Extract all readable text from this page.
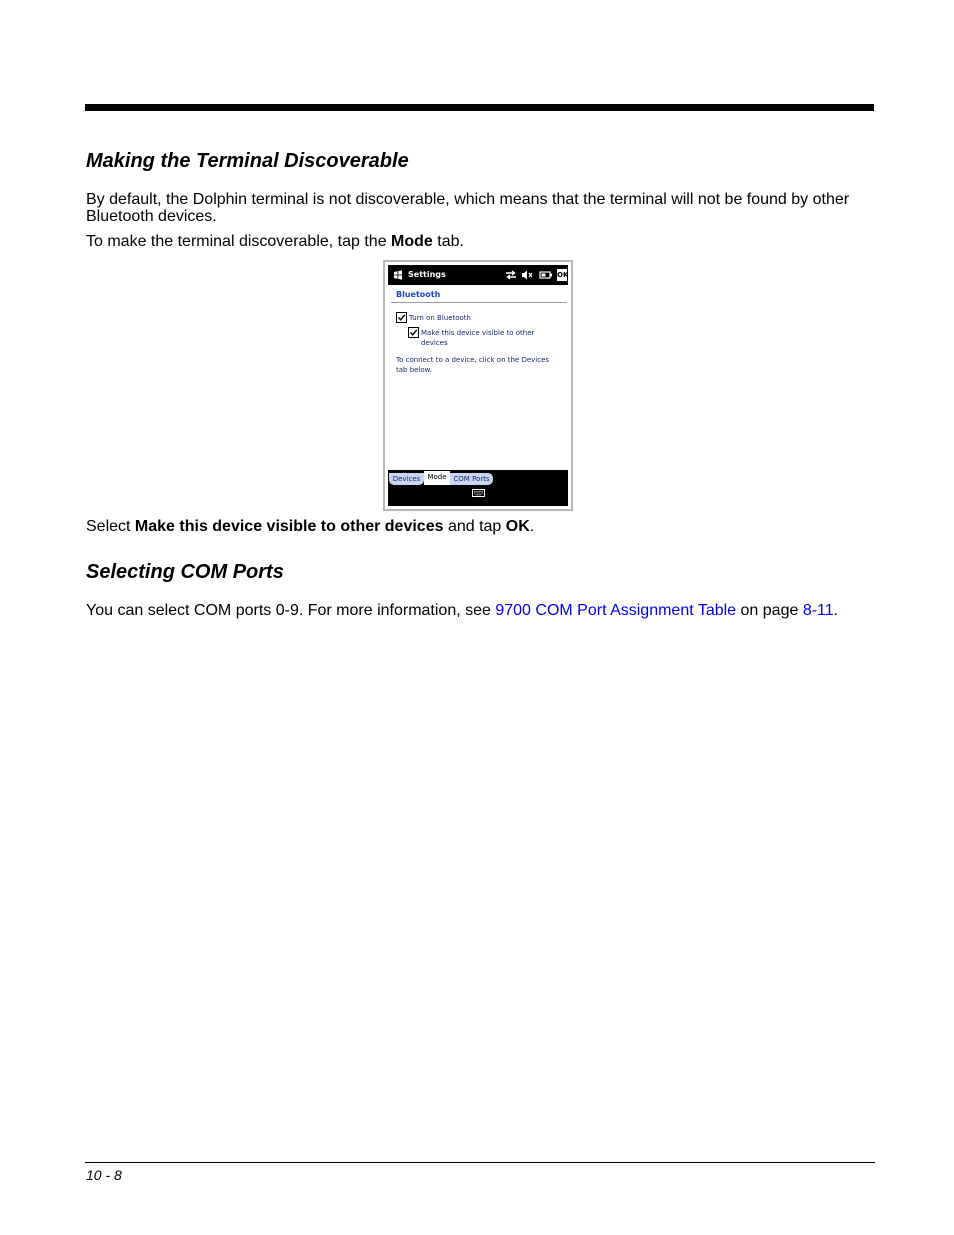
Making the Terminal Discoverable

By default, the Dolphin terminal is not discoverable, which means that the terminal will not be found by other Bluetooth devices.

To make the terminal discoverable, tap the Mode tab.

Settings	OK
Bluetooth
Turn on Bluetooth
Make this device visible to other devices
To connect to a device, click on the Devices tab below.
Devices	Mode COM Ports

Select Make this device visible to other devices and tap OK.

Selecting COM Ports

You can select COM ports 0-9. For more information, see 9700 COM Port Assignment Table on page 8-11.

10 - 8
